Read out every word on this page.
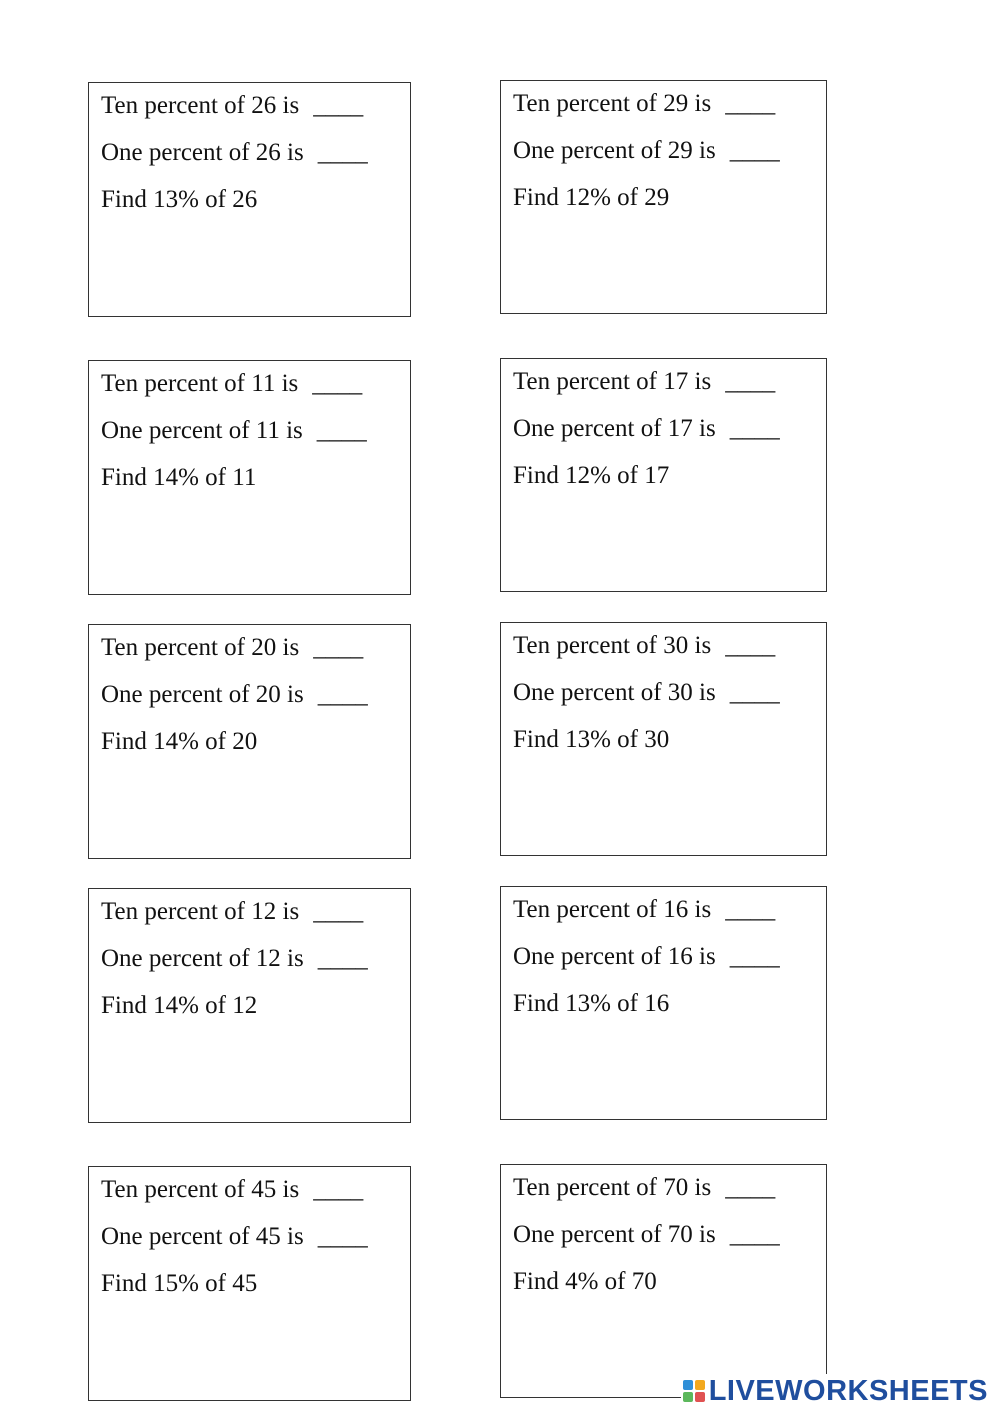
Ten percent of 26 is ____
One percent of 26 is ____
Find 13% of 26
Ten percent of 29 is ____
One percent of 29 is ____
Find 12% of 29
Ten percent of 11 is ____
One percent of 11 is ____
Find 14% of 11
Ten percent of 17 is ____
One percent of 17 is ____
Find 12% of 17
Ten percent of 20 is ____
One percent of 20 is ____
Find 14% of 20
Ten percent of 30 is ____
One percent of 30 is ____
Find 13% of 30
Ten percent of 12 is ____
One percent of 12 is ____
Find 14% of 12
Ten percent of 16 is ____
One percent of 16 is ____
Find 13% of 16
Ten percent of 45 is ____
One percent of 45 is ____
Find 15% of 45
Ten percent of 70 is ____
One percent of 70 is ____
Find 4% of 70
LIVEWORKSHEETS
